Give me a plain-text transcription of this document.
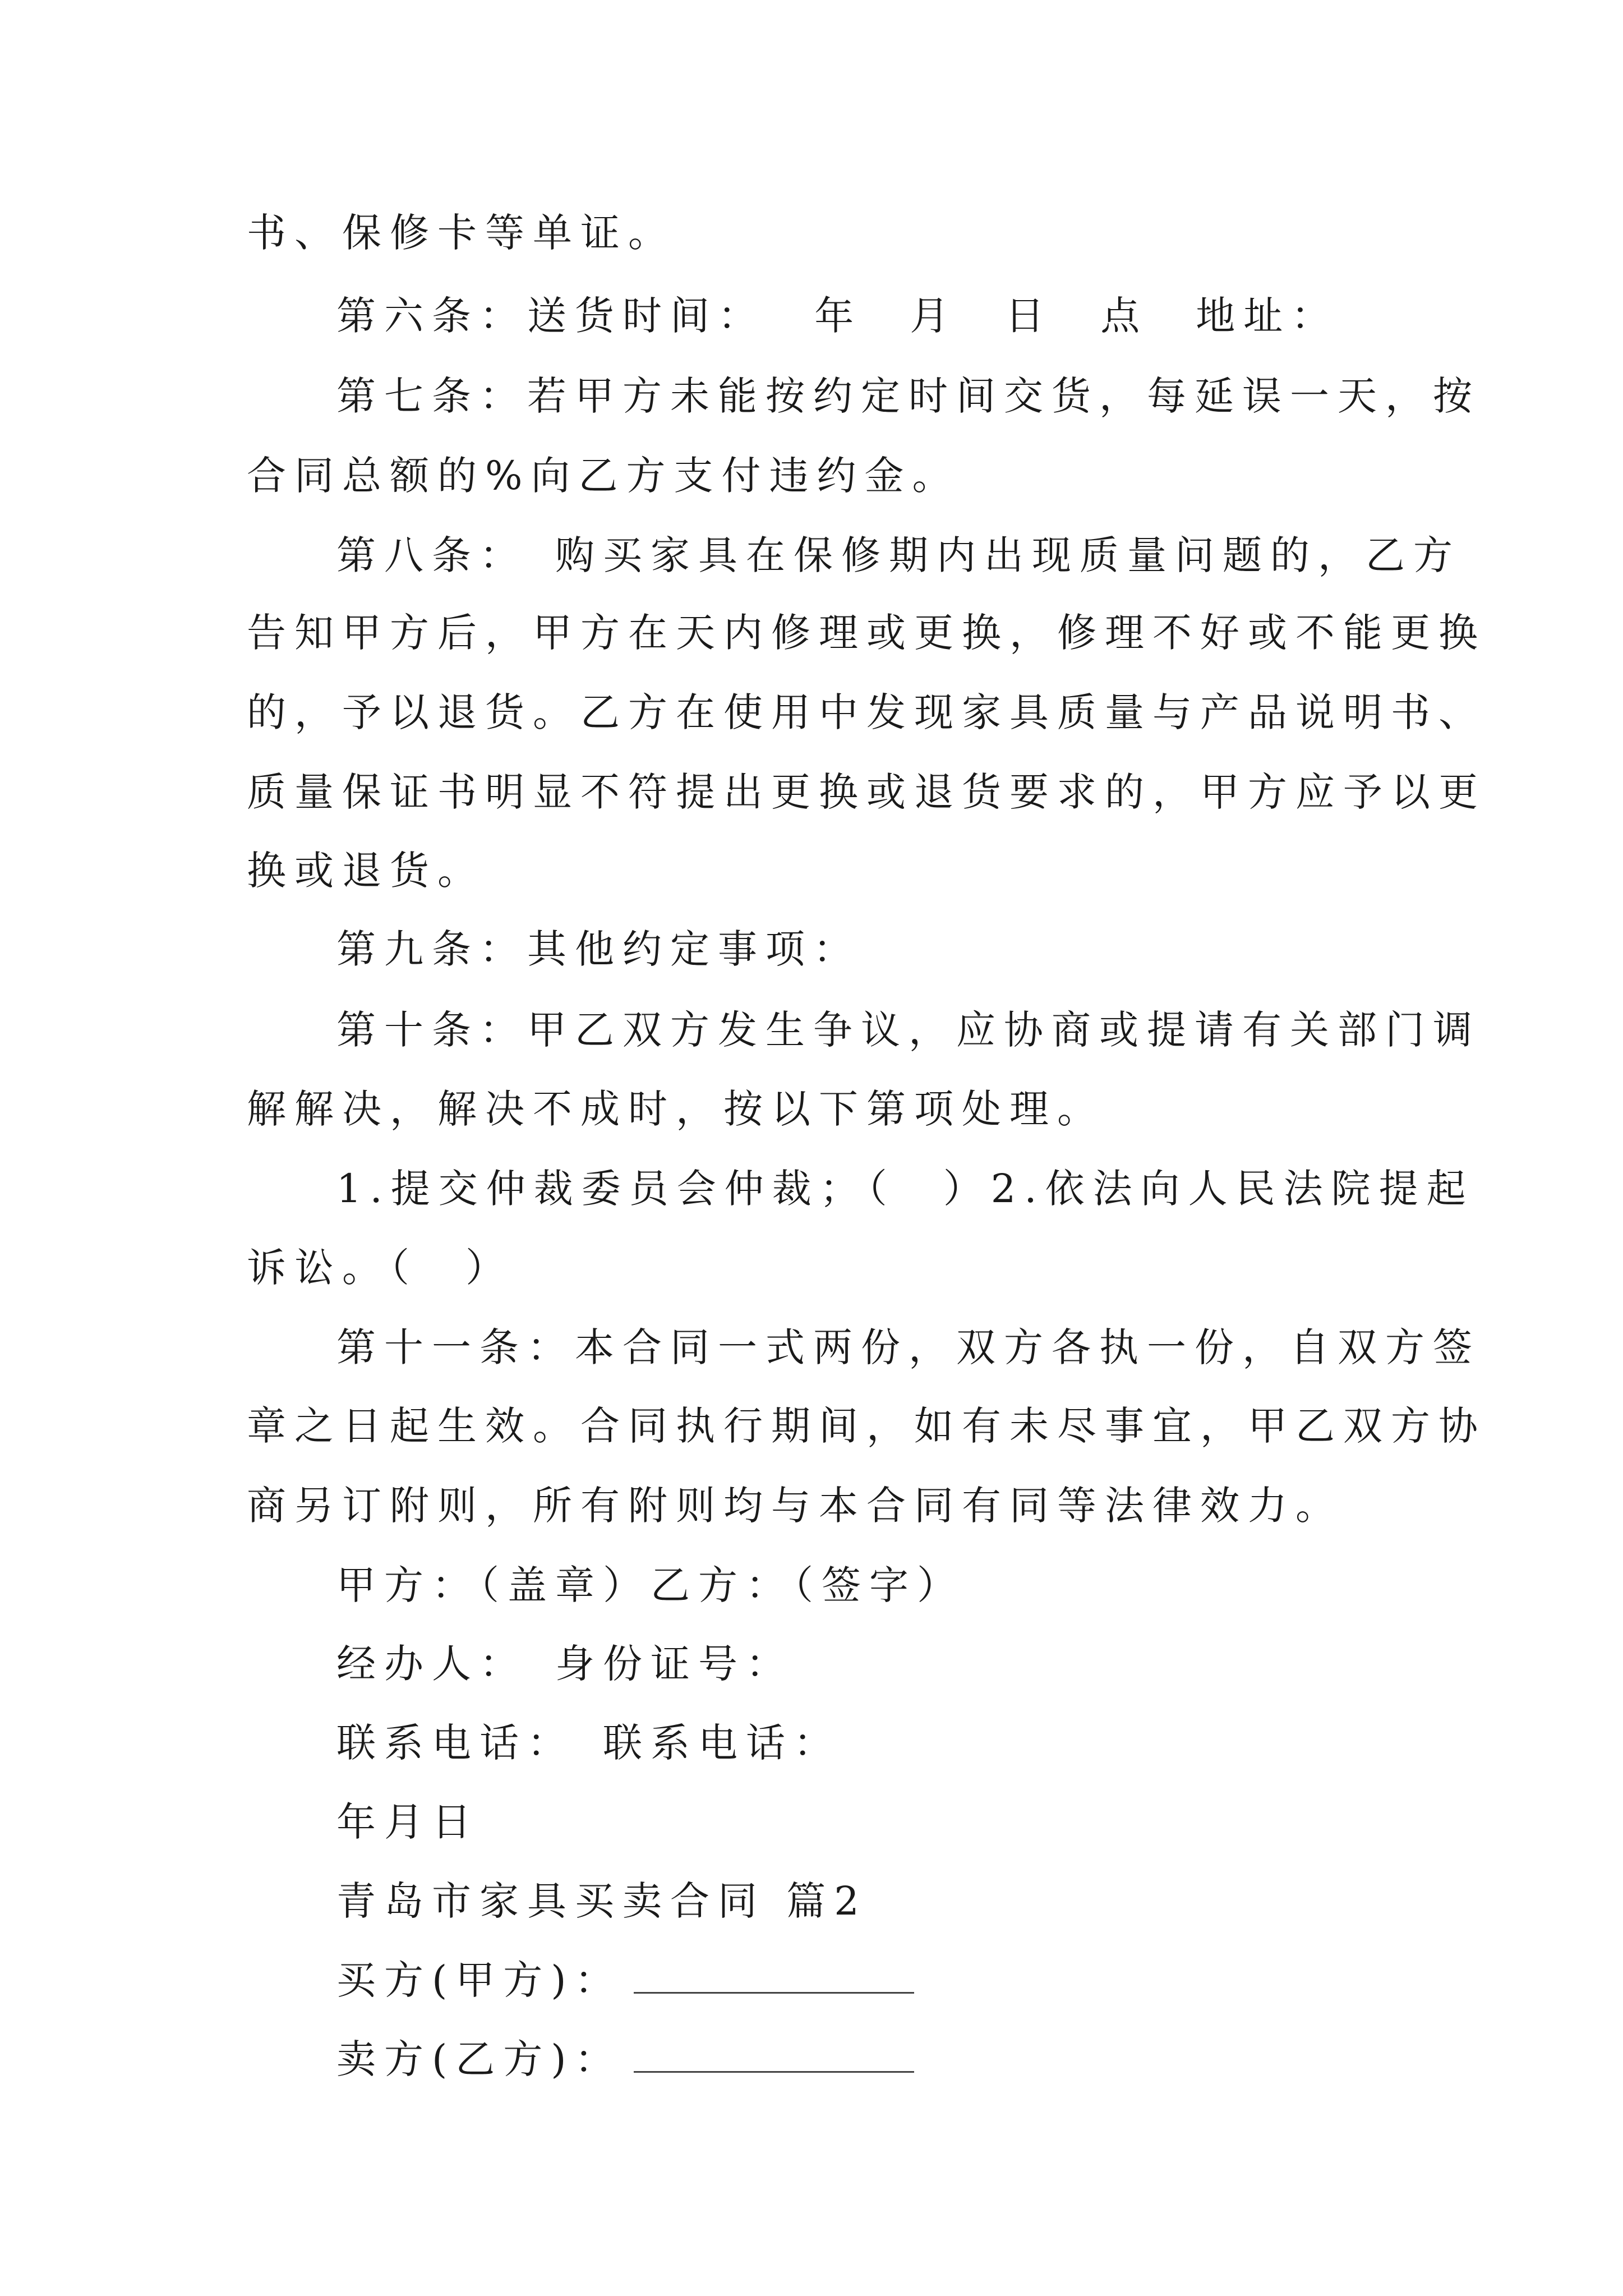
书、保修卡等单证。
第六条：送货时间：　 年　月　日　点　地址：
第七条：若甲方未能按约定时间交货，每延误一天，按
合同总额的%向乙方支付违约金。
第八条：　购买家具在保修期内出现质量问题的，乙方
告知甲方后，甲方在天内修理或更换，修理不好或不能更换
的，予以退货。乙方在使用中发现家具质量与产品说明书、
质量保证书明显不符提出更换或退货要求的，甲方应予以更
换或退货。
第九条：其他约定事项：
第十条：甲乙双方发生争议，应协商或提请有关部门调
解解决，解决不成时，按以下第项处理。
1.提交仲裁委员会仲裁；（　）2.依法向人民法院提起
诉讼。（　）
第十一条：本合同一式两份，双方各执一份，自双方签
章之日起生效。合同执行期间，如有未尽事宜，甲乙双方协
商另订附则，所有附则均与本合同有同等法律效力。
甲方：（盖章）乙方：（签字）
经办人：　身份证号：
联系电话：　联系电话：
年月日
青岛市家具买卖合同 篇2
买方(甲方)：
卖方(乙方)：
